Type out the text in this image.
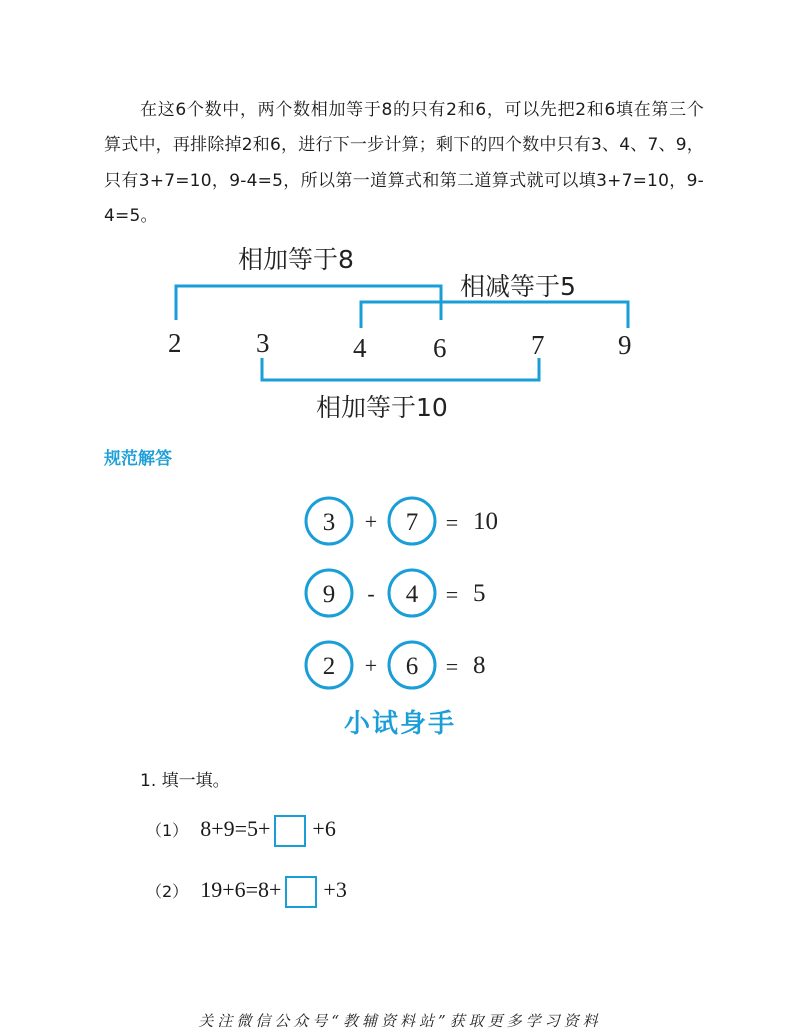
在这6个数中，两个数相加等于8的只有2和6，可以先把2和6填在第三个算式中，再排除掉2和6，进行下一步计算；剩下的四个数中只有3、4、7、9，只有3+7=10，9-4=5，所以第一道算式和第二道算式就可以填3+7=10，9-4=5。
相加等于8
相减等于5
相加等于10
2	3	4 6	7	9
规范解答
3 + 7 = 10
9 - 4 = 5
2 + 6 = 8
小试身手
1. 填一填。
（1） 8+9=5+ +6
（2） 19+6=8+ +3
关注微信公众号“教辅资料站”获取更多学习资料
